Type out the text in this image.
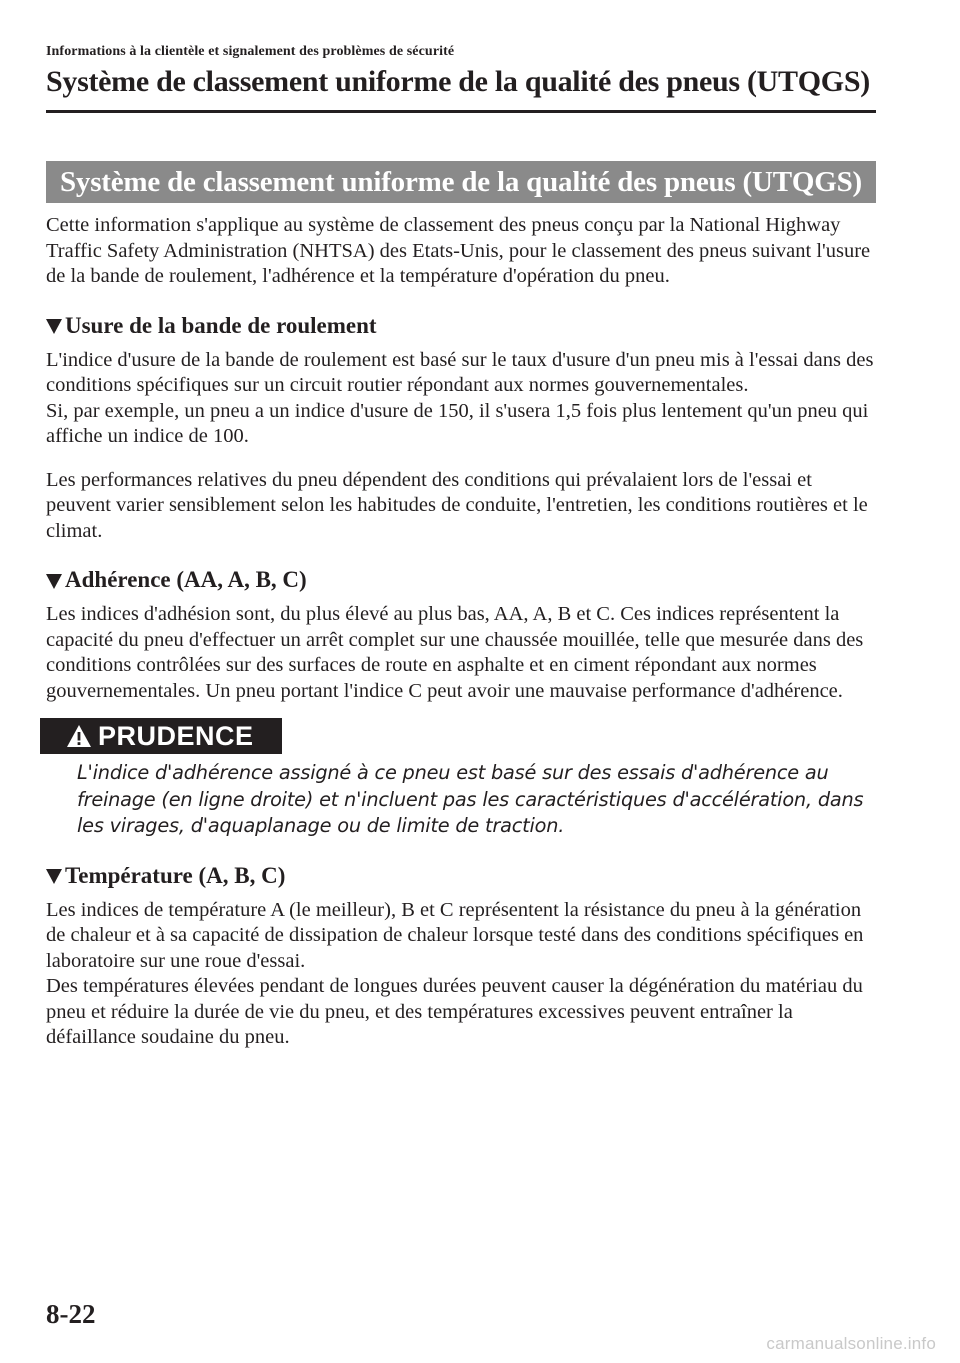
Informations à la clientèle et signalement des problèmes de sécurité
Système de classement uniforme de la qualité des pneus (UTQGS)
Système de classement uniforme de la qualité des pneus (UTQGS)

Cette information s'applique au système de classement des pneus conçu par la National Highway Traffic Safety Administration (NHTSA) des Etats-Unis, pour le classement des pneus suivant l'usure de la bande de roulement, l'adhérence et la température d'opération du pneu.

Usure de la bande de roulement

L'indice d'usure de la bande de roulement est basé sur le taux d'usure d'un pneu mis à l'essai dans des conditions spécifiques sur un circuit routier répondant aux normes gouvernementales.

Si, par exemple, un pneu a un indice d'usure de 150, il s'usera 1,5 fois plus lentement qu'un pneu qui affiche un indice de 100.

Les performances relatives du pneu dépendent des conditions qui prévalaient lors de l'essai et peuvent varier sensiblement selon les habitudes de conduite, l'entretien, les conditions routières et le climat.

Adhérence (AA, A, B, C)

Les indices d'adhésion sont, du plus élevé au plus bas, AA, A, B et C. Ces indices représentent la capacité du pneu d'effectuer un arrêt complet sur une chaussée mouillée, telle que mesurée dans des conditions contrôlées sur des surfaces de route en asphalte et en ciment répondant aux normes gouvernementales. Un pneu portant l'indice C peut avoir une mauvaise performance d'adhérence.

PRUDENCE

L'indice d'adhérence assigné à ce pneu est basé sur des essais d'adhérence au freinage (en ligne droite) et n'incluent pas les caractéristiques d'accélération, dans les virages, d'aquaplanage ou de limite de traction.

Température (A, B, C)

Les indices de température A (le meilleur), B et C représentent la résistance du pneu à la génération de chaleur et à sa capacité de dissipation de chaleur lorsque testé dans des conditions spécifiques en laboratoire sur une roue d'essai.

Des températures élevées pendant de longues durées peuvent causer la dégénération du matériau du pneu et réduire la durée de vie du pneu, et des températures excessives peuvent entraîner la défaillance soudaine du pneu.

8-22
carmanualsonline.info
